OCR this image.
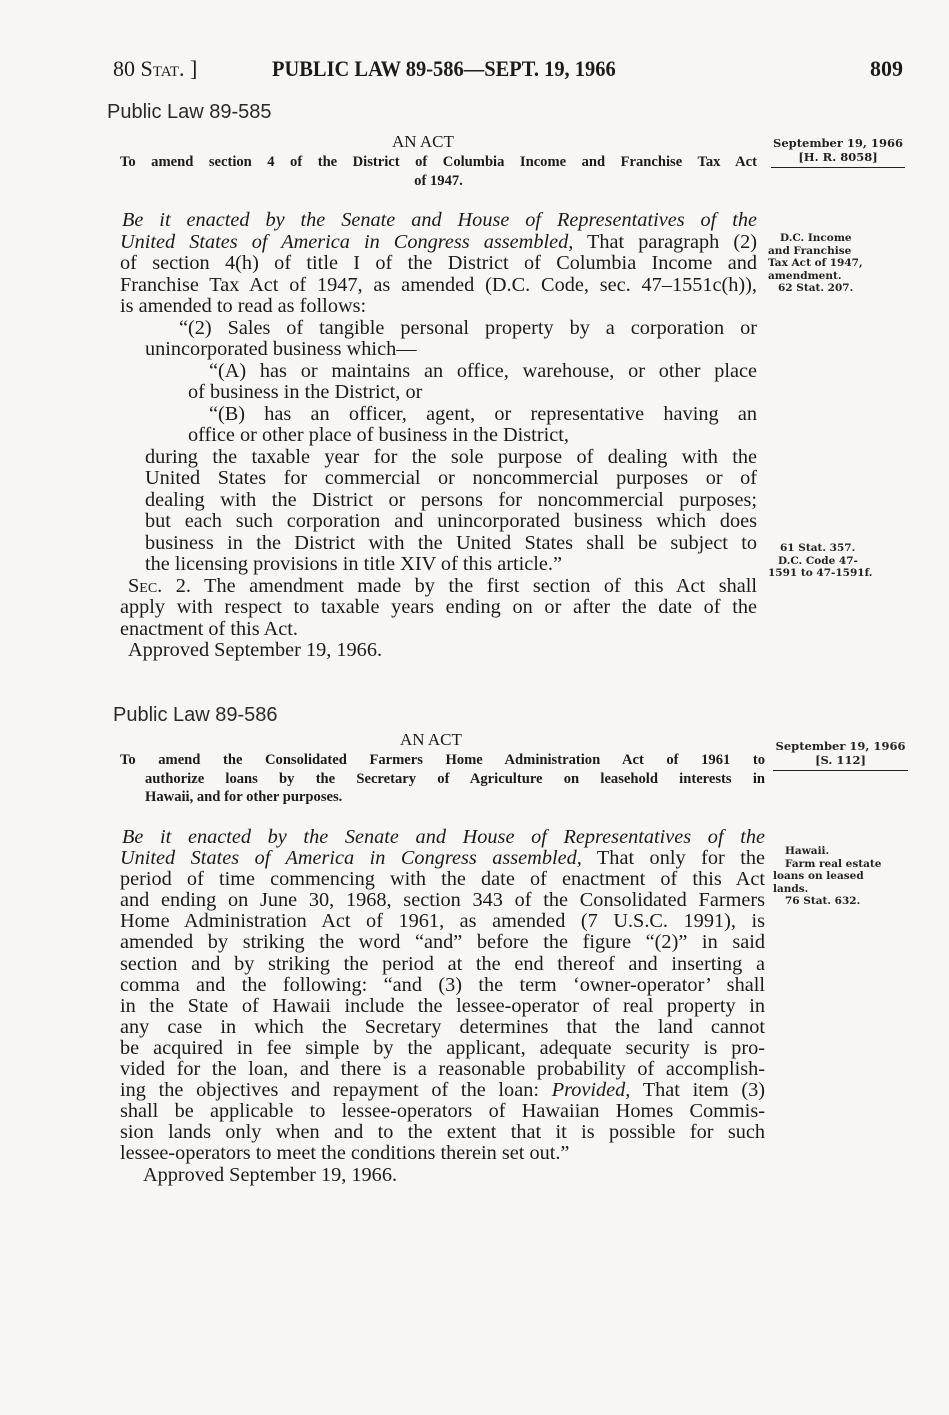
80 Stat. ]	PUBLIC LAW 89-586—SEPT. 19, 1966	809
Public Law 89-585
AN ACT
To amend section 4 of the District of Columbia Income and Franchise Tax Act
of 1947.
September 19, 1966
[H. R. 8058]
D.C. Income
and Franchise
Tax Act of 1947,
amendment.
62 Stat. 207.
61 Stat. 357.
D.C. Code 47-
1591 to 47-1591f.
Be it enacted by the Senate and House of Representatives of the
United States of America in Congress assembled, That paragraph (2)
of section 4(h) of title I of the District of Columbia Income and
Franchise Tax Act of 1947, as amended (D.C. Code, sec. 47–1551c(h)),
is amended to read as follows:
“(2) Sales of tangible personal property by a corporation or
unincorporated business which—
“(A) has or maintains an office, warehouse, or other place
of business in the District, or
“(B) has an officer, agent, or representative having an
office or other place of business in the District,
during the taxable year for the sole purpose of dealing with the
United States for commercial or noncommercial purposes or of
dealing with the District or persons for noncommercial purposes;
but each such corporation and unincorporated business which does
business in the District with the United States shall be subject to
the licensing provisions in title XIV of this article.”
Sec. 2. The amendment made by the first section of this Act shall
apply with respect to taxable years ending on or after the date of the
enactment of this Act.
Approved September 19, 1966.
Public Law 89-586
AN ACT
To amend the Consolidated Farmers Home Administration Act of 1961 to
authorize loans by the Secretary of Agriculture on leasehold interests in
Hawaii, and for other purposes.
September 19, 1966
[S. 112]
Hawaii.
Farm real estate
loans on leased
lands.
76 Stat. 632.
Be it enacted by the Senate and House of Representatives of the
United States of America in Congress assembled, That only for the
period of time commencing with the date of enactment of this Act
and ending on June 30, 1968, section 343 of the Consolidated Farmers
Home Administration Act of 1961, as amended (7 U.S.C. 1991), is
amended by striking the word “and” before the figure “(2)” in said
section and by striking the period at the end thereof and inserting a
comma and the following: “and (3) the term ‘owner-operator’ shall
in the State of Hawaii include the lessee-operator of real property in
any case in which the Secretary determines that the land cannot
be acquired in fee simple by the applicant, adequate security is pro-
vided for the loan, and there is a reasonable probability of accomplish-
ing the objectives and repayment of the loan: Provided, That item (3)
shall be applicable to lessee-operators of Hawaiian Homes Commis-
sion lands only when and to the extent that it is possible for such
lessee-operators to meet the conditions therein set out.”
Approved September 19, 1966.
